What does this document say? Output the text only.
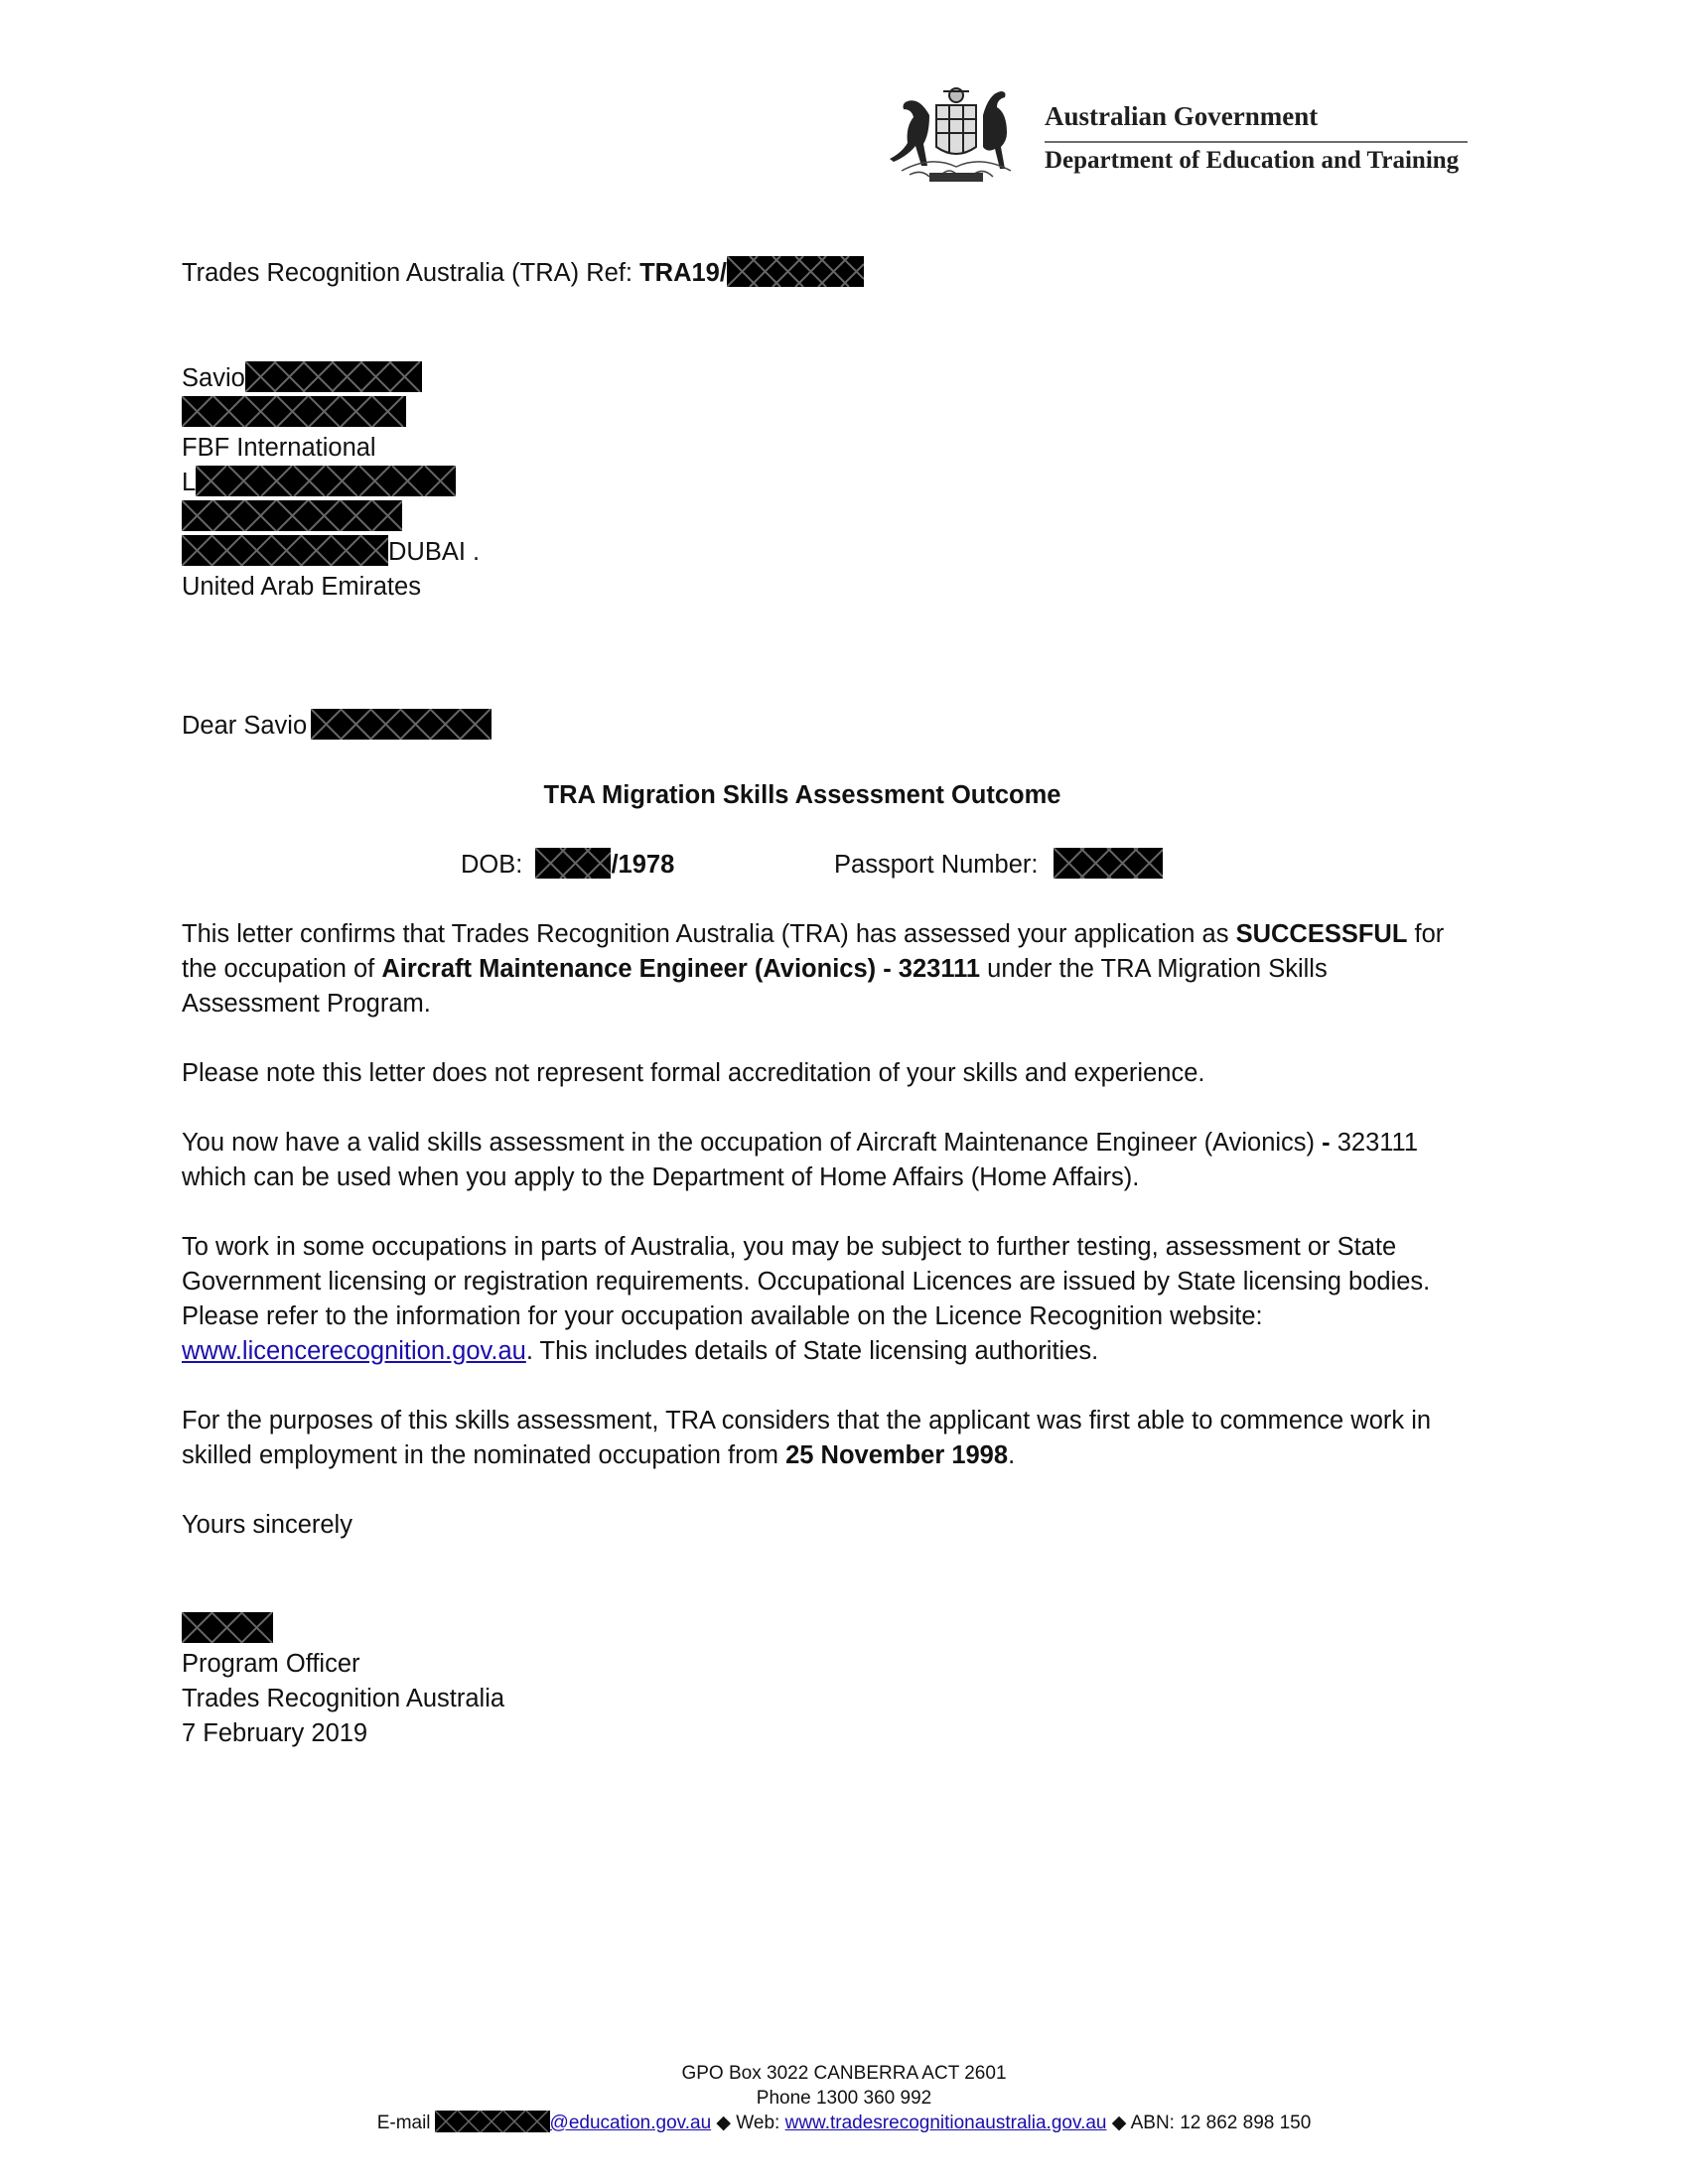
Australian Government
Department of Education and Training
Trades Recognition Australia (TRA) Ref: TRA19/
Savio
FBF International
L
DUBAI .
United Arab Emirates
Dear Savio
TRA Migration Skills Assessment Outcome
DOB:	/1978	Passport Number:
This letter confirms that Trades Recognition Australia (TRA) has assessed your application as SUCCESSFUL for
the occupation of Aircraft Maintenance Engineer (Avionics) - 323111 under the TRA Migration Skills
Assessment Program.
Please note this letter does not represent formal accreditation of your skills and experience.
You now have a valid skills assessment in the occupation of Aircraft Maintenance Engineer (Avionics) - 323111
which can be used when you apply to the Department of Home Affairs (Home Affairs).
To work in some occupations in parts of Australia, you may be subject to further testing, assessment or State
Government licensing or registration requirements. Occupational Licences are issued by State licensing bodies.
Please refer to the information for your occupation available on the Licence Recognition website:
www.licencerecognition.gov.au. This includes details of State licensing authorities.
For the purposes of this skills assessment, TRA considers that the applicant was first able to commence work in
skilled employment in the nominated occupation from 25 November 1998.
Yours sincerely
Program Officer
Trades Recognition Australia
7 February 2019
GPO Box 3022 CANBERRA ACT 2601
Phone 1300 360 992
E-mail	@education.gov.au ◆ Web: www.tradesrecognitionaustralia.gov.au ◆ ABN: 12 862 898 150
